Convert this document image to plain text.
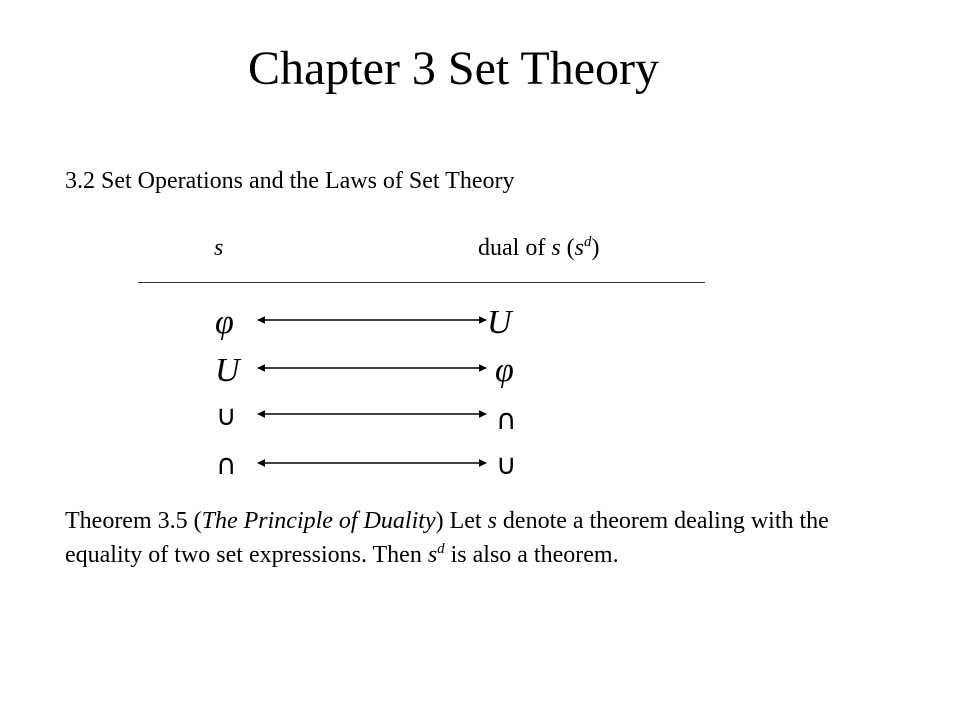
Chapter 3 Set Theory
3.2 Set Operations and the Laws of Set Theory
s	dual of s $(s^d)$
φ	U
U	φ
∪	∩
∩	∪
Theorem 3.5 (The Principle of Duality) Let s denote a theorem dealing with the equality of two set expressions. Then $s^d$ is also a theorem.
